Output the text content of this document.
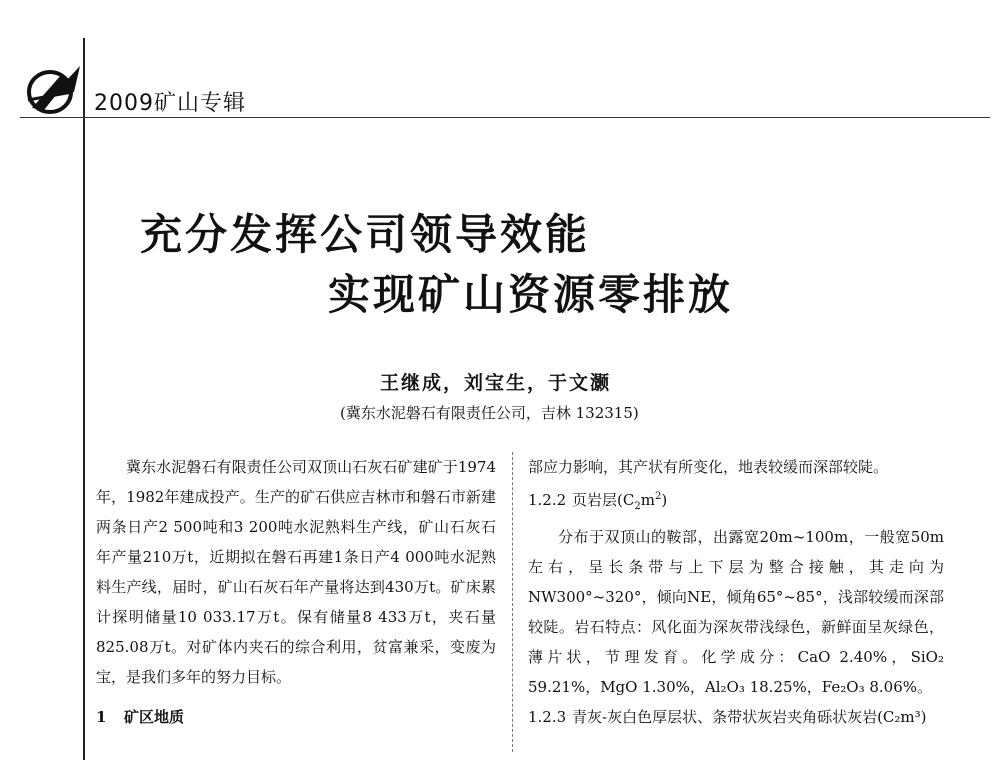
2009矿山专辑
充分发挥公司领导效能
实现矿山资源零排放
王继成，刘宝生，于文灏
(冀东水泥磐石有限责任公司，吉林 132315)

冀东水泥磐石有限责任公司双顶山石灰石矿建矿于1974年，1982年建成投产。生产的矿石供应吉林市和磐石市新建两条日产2 500吨和3 200吨水泥熟料生产线，矿山石灰石年产量210万t，近期拟在磐石再建1条日产4 000吨水泥熟料生产线，届时，矿山石灰石年产量将达到430万t。矿床累计探明储量10 033.17万t。保有储量8 433万t，夹石量825.08万t。对矿体内夹石的综合利用，贫富兼采，变废为宝，是我们多年的努力目标。

1 矿区地质

部应力影响，其产状有所变化，地表较缓而深部较陡。

1.2.2 页岩层$(C_2m^2)$

分布于双顶山的鞍部，出露宽20m~100m，一般宽50m左右，呈长条带与上下层为整合接触，其走向为NW300°~320°，倾向NE，倾角65°~85°，浅部较缓而深部较陡。岩石特点：风化面为深灰带浅绿色，新鲜面呈灰绿色，薄片状，节理发育。化学成分：CaO 2.40%，SiO₂ 59.21%，MgO 1.30%，Al₂O₃ 18.25%，Fe₂O₃ 8.06%。

1.2.3 青灰-灰白色厚层状、条带状灰岩夹角砾状灰岩(C₂m³)
